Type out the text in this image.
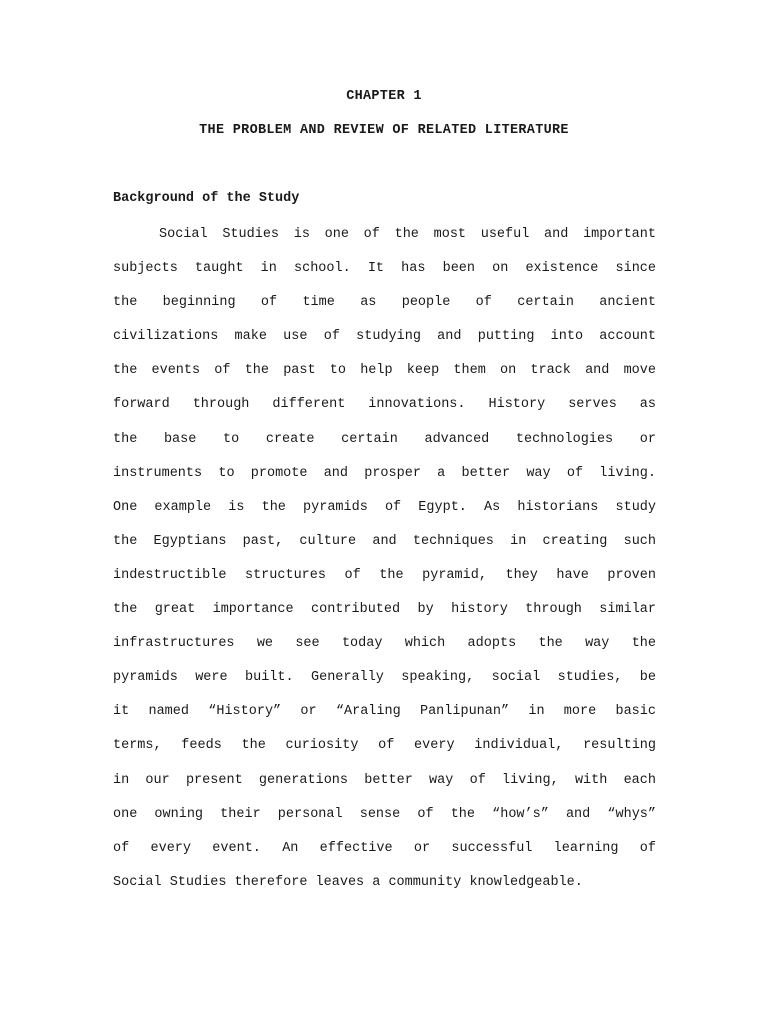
CHAPTER 1
THE PROBLEM AND REVIEW OF RELATED LITERATURE
Background of the Study
Social Studies is one of the most useful and important
subjects taught in school. It has been on existence since
the beginning of time as people of certain ancient
civilizations make use of studying and putting into account
the events of the past to help keep them on track and move
forward through different innovations. History serves as
the base to create certain advanced technologies or
instruments to promote and prosper a better way of living.
One example is the pyramids of Egypt. As historians study
the Egyptians past, culture and techniques in creating such
indestructible structures of the pyramid, they have proven
the great importance contributed by history through similar
infrastructures we see today which adopts the way the
pyramids were built. Generally speaking, social studies, be
it named “History” or “Araling Panlipunan” in more basic
terms, feeds the curiosity of every individual, resulting
in our present generations better way of living, with each
one owning their personal sense of the “how’s” and “whys”
of every event. An effective or successful learning of
Social Studies therefore leaves a community knowledgeable.
